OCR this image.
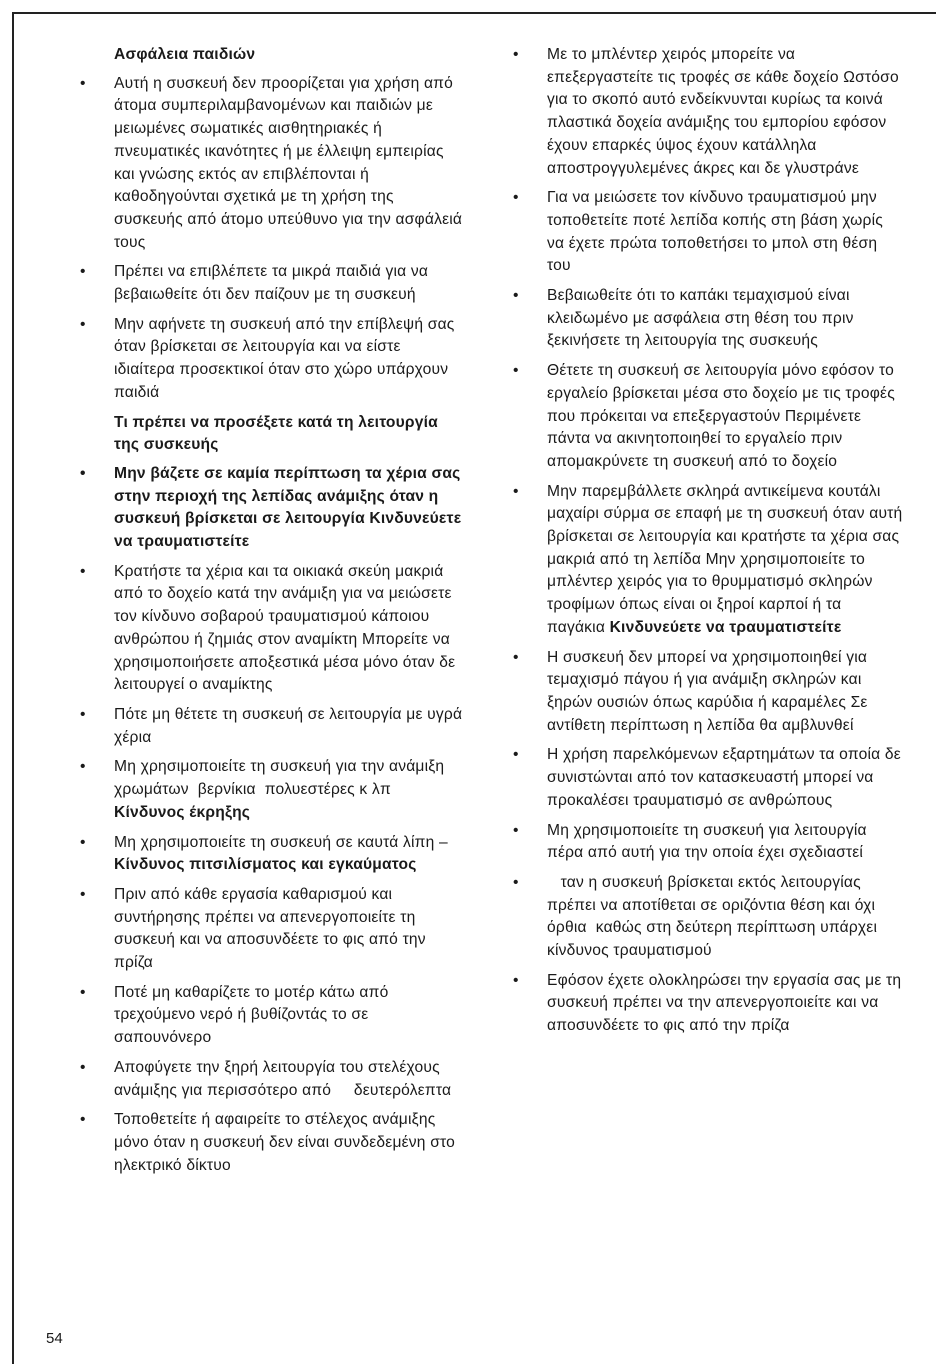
Ασφάλεια παιδιών
• Αυτή η συσκευή δεν προορίζεται για χρήση από άτομα συμπεριλαμβανομένων και παιδιών με μειωμένες σωματικές αισθητηριακές ή πνευματικές ικανότητες ή με έλλειψη εμπειρίας και γνώσης εκτός αν επιβλέπονται ή καθοδηγούνται σχετικά με τη χρήση της συσκευής από άτομο υπεύθυνο για την ασφάλειά τους
• Πρέπει να επιβλέπετε τα μικρά παιδιά για να βεβαιωθείτε ότι δεν παίζουν με τη συσκευή
• Μην αφήνετε τη συσκευή από την επίβλεψή σας όταν βρίσκεται σε λειτουργία και να είστε ιδιαίτερα προσεκτικοί όταν στο χώρο υπάρχουν παιδιά
Τι πρέπει να προσέξετε κατά τη λειτουργία της συσκευής
• Μην βάζετε σε καμία περίπτωση τα χέρια σας στην περιοχή της λεπίδας ανάμιξης όταν η συσκευή βρίσκεται σε λειτουργία Κινδυνεύετε να τραυματιστείτε
• Κρατήστε τα χέρια και τα οικιακά σκεύη μακριά από το δοχείο κατά την ανάμιξη για να μειώσετε τον κίνδυνο σοβαρού τραυματισμού κάποιου ανθρώπου ή ζημιάς στον αναμίκτη Μπορείτε να χρησιμοποιήσετε αποξεστικά μέσα μόνο όταν δε λειτουργεί ο αναμίκτης
• Πότε μη θέτετε τη συσκευή σε λειτουργία με υγρά χέρια
• Μη χρησιμοποιείτε τη συσκευή για την ανάμιξη χρωμάτων  βερνίκια  πολυεστέρες κ λπ     Κίνδυνος έκρηξης
• Μη χρησιμοποιείτε τη συσκευή σε καυτά λίπη – Κίνδυνος πιτσιλίσματος και εγκαύματος
• Πριν από κάθε εργασία καθαρισμού και συντήρησης πρέπει να απενεργοποιείτε τη συσκευή και να αποσυνδέετε το φις από την πρίζα
• Ποτέ μη καθαρίζετε το μοτέρ κάτω από τρεχούμενο νερό ή βυθίζοντάς το σε σαπουνόνερο
• Αποφύγετε την ξηρή λειτουργία του στελέχους ανάμιξης για περισσότερο από     δευτερόλεπτα
• Τοποθετείτε ή αφαιρείτε το στέλεχος ανάμιξης μόνο όταν η συσκευή δεν είναι συνδεδεμένη στο ηλεκτρικό δίκτυο
• Με το μπλέντερ χειρός μπορείτε να επεξεργαστείτε τις τροφές σε κάθε δοχείο Ωστόσο για το σκοπό αυτό ενδείκνυνται κυρίως τα κοινά πλαστικά δοχεία ανάμιξης του εμπορίου εφόσον έχουν επαρκές ύψος έχουν κατάλληλα αποστρογγυλεμένες άκρες και δε γλυστράνε
• Για να μειώσετε τον κίνδυνο τραυματισμού μην τοποθετείτε ποτέ λεπίδα κοπής στη βάση χωρίς να έχετε πρώτα τοποθετήσει το μπολ στη θέση του
• Βεβαιωθείτε ότι το καπάκι τεμαχισμού είναι κλειδωμένο με ασφάλεια στη θέση του πριν ξεκινήσετε τη λειτουργία της συσκευής
• Θέτετε τη συσκευή σε λειτουργία μόνο εφόσον το εργαλείο βρίσκεται μέσα στο δοχείο με τις τροφές που πρόκειται να επεξεργαστούν Περιμένετε πάντα να ακινητοποιηθεί το εργαλείο πριν απομακρύνετε τη συσκευή από το δοχείο
• Μην παρεμβάλλετε σκληρά αντικείμενα κουτάλι μαχαίρι σύρμα σε επαφή με τη συσκευή όταν αυτή βρίσκεται σε λειτουργία και κρατήστε τα χέρια σας μακριά από τη λεπίδα Μην χρησιμοποιείτε το μπλέντερ χειρός για το θρυμματισμό σκληρών τροφίμων όπως είναι οι ξηροί καρποί ή τα παγάκια Κινδυνεύετε να τραυματιστείτε
• Η συσκευή δεν μπορεί να χρησιμοποιηθεί για τεμαχισμό πάγου ή για ανάμιξη σκληρών και ξηρών ουσιών όπως καρύδια ή καραμέλες Σε αντίθετη περίπτωση η λεπίδα θα αμβλυνθεί
• Η χρήση παρελκόμενων εξαρτημάτων τα οποία δε συνιστώνται από τον κατασκευαστή μπορεί να προκαλέσει τραυματισμό σε ανθρώπους
• Μη χρησιμοποιείτε τη συσκευή για λειτουργία πέρα από αυτή για την οποία έχει σχεδιαστεί
•    ταν η συσκευή βρίσκεται εκτός λειτουργίας πρέπει να αποτίθεται σε οριζόντια θέση και όχι όρθια  καθώς στη δεύτερη περίπτωση υπάρχει κίνδυνος τραυματισμού
• Εφόσον έχετε ολοκληρώσει την εργασία σας με τη συσκευή πρέπει να την απενεργοποιείτε και να αποσυνδέετε το φις από την πρίζα
54
